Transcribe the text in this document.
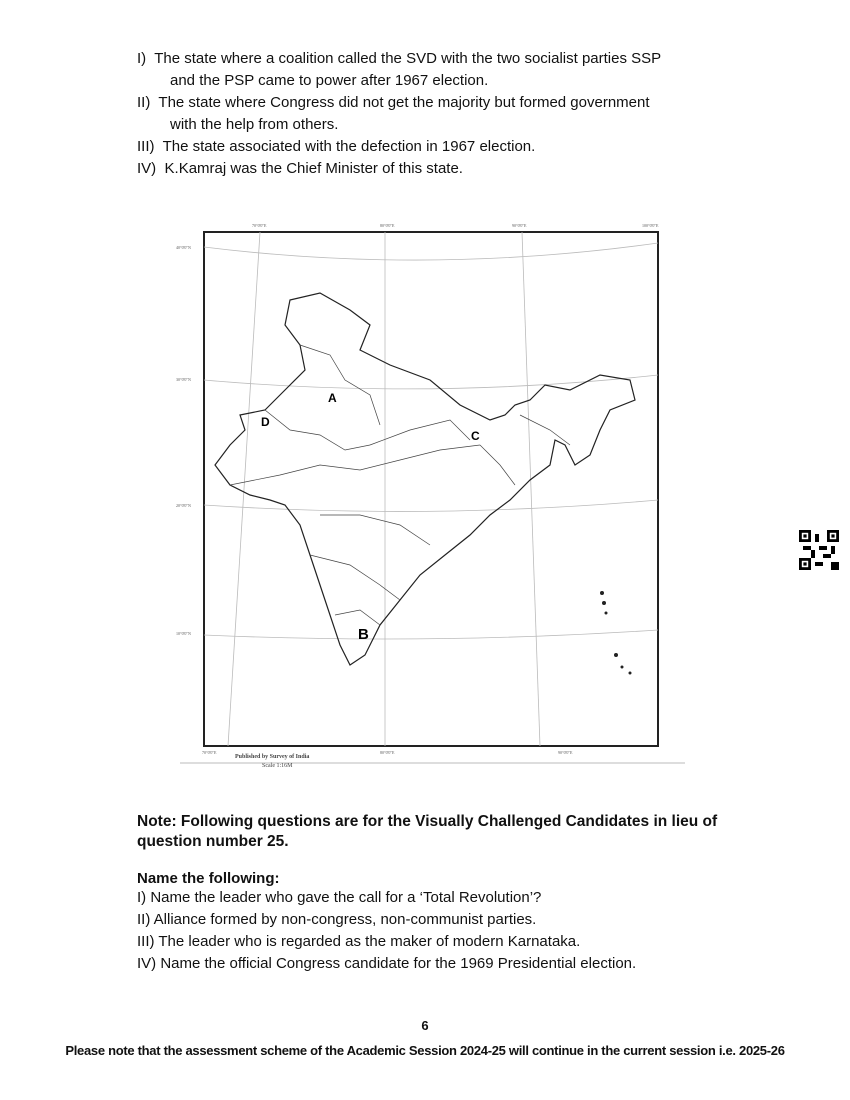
I) The state where a coalition called the SVD with the two socialist parties SSP
and the PSP came to power after 1967 election.
II) The state where Congress did not get the majority but formed government
with the help from others.
III) The state associated with the defection in 1967 election.
IV) K.Kamraj was the Chief Minister of this state.
70°0'0"E	80°0'0"E	90°0'0"E	100°0'0"E
40°0'0"N
30°0'0"N
20°0'0"N
10°0'0"N
70°0'0"E	80°0'0"E	90°0'0"E
A
B
C
D
Published by Survey of India
Scale 1:16M
Note: Following questions are for the Visually Challenged Candidates in lieu of question number 25.
Name the following:
I) Name the leader who gave the call for a ‘Total Revolution’?
II) Alliance formed by non-congress, non-communist parties.
III) The leader who is regarded as the maker of modern Karnataka.
IV) Name the official Congress candidate for the 1969 Presidential election.
6
Please note that the assessment scheme of the Academic Session 2024-25 will continue in the current session i.e. 2025-26
